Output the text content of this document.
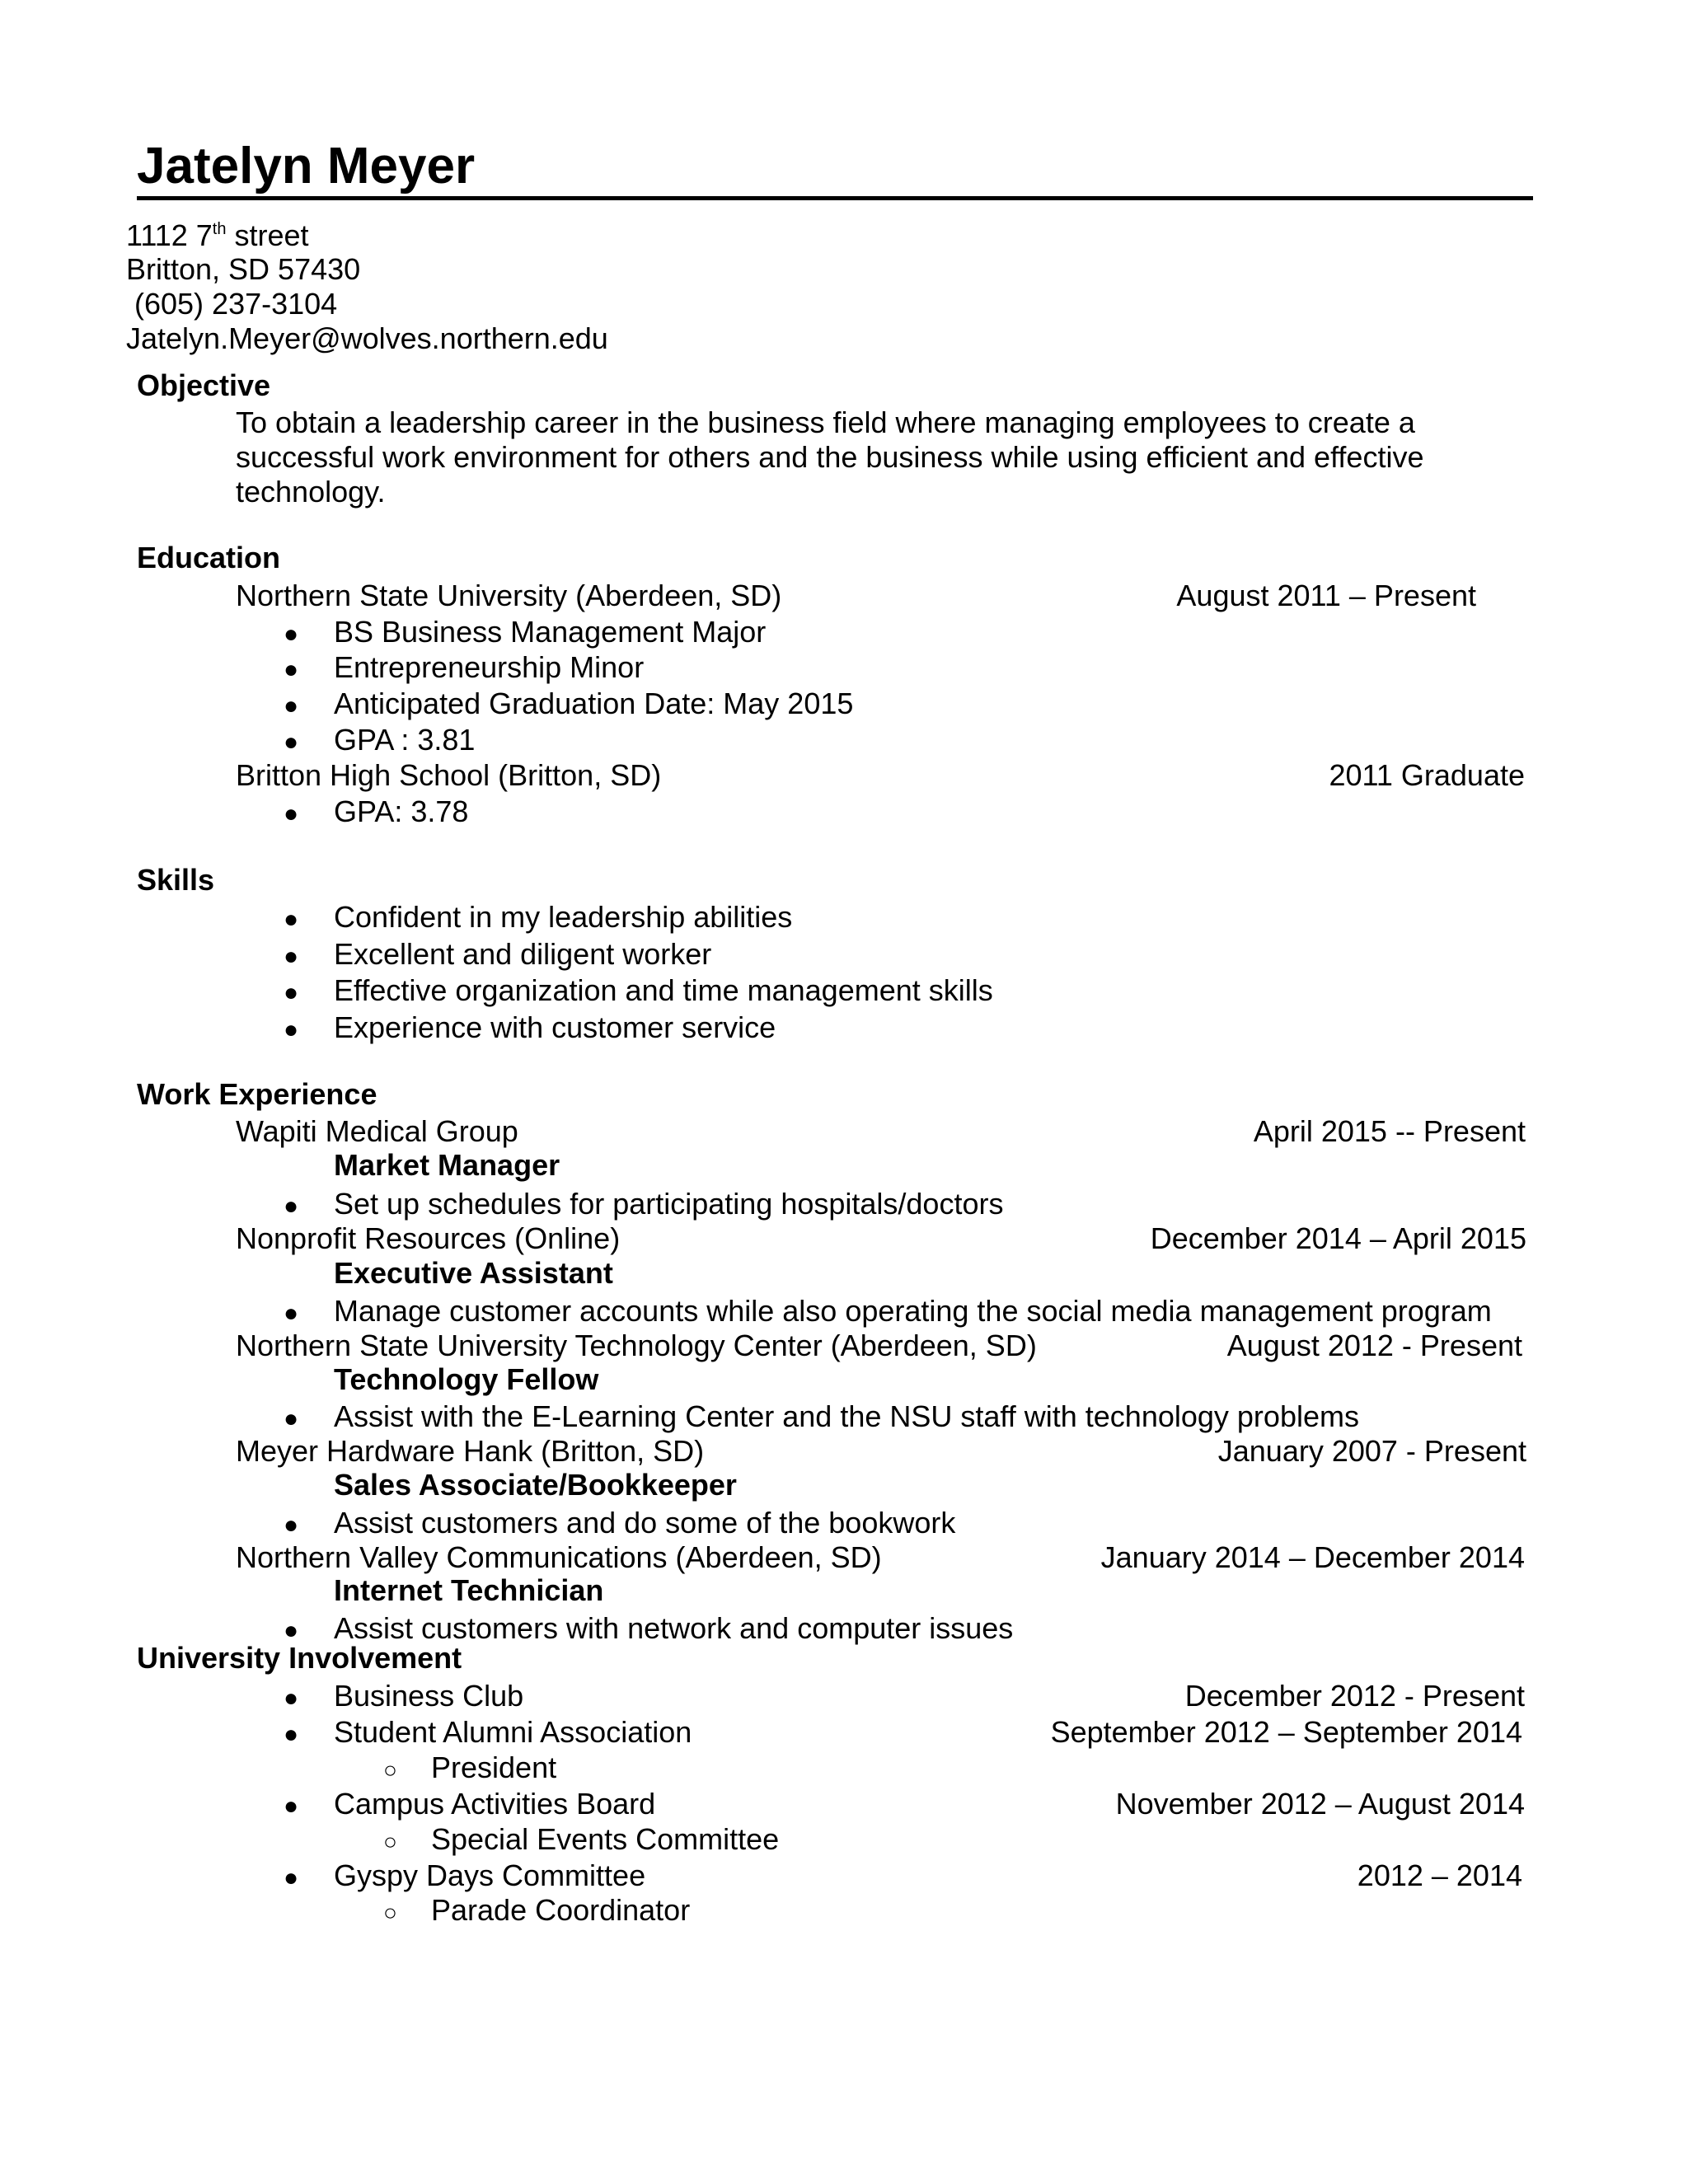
Jatelyn Meyer
1112 7th street
Britton, SD 57430
(605) 237-3104
Jatelyn.Meyer@wolves.northern.edu
Objective
To obtain a leadership career in the business field where managing employees to create a
successful work environment for others and the business while using efficient and effective
technology.
Education
Northern State University (Aberdeen, SD)	August 2011 – Present
● BS Business Management Major
● Entrepreneurship Minor
● Anticipated Graduation Date: May 2015
● GPA : 3.81
Britton High School (Britton, SD)	2011 Graduate
● GPA: 3.78
Skills
● Confident in my leadership abilities
● Excellent and diligent worker
● Effective organization and time management skills
● Experience with customer service
Work Experience
Wapiti Medical Group	April 2015 -- Present
Market Manager
● Set up schedules for participating hospitals/doctors
Nonprofit Resources (Online)	December 2014 – April 2015
Executive Assistant
● Manage customer accounts while also operating the social media management program
Northern State University Technology Center (Aberdeen, SD)	August 2012 - Present
Technology Fellow
● Assist with the E-Learning Center and the NSU staff with technology problems
Meyer Hardware Hank (Britton, SD)	January 2007 - Present
Sales Associate/Bookkeeper
● Assist customers and do some of the bookwork
Northern Valley Communications (Aberdeen, SD)	January 2014 – December 2014
Internet Technician
● Assist customers with network and computer issues
University Involvement
● Business Club	December 2012 - Present
● Student Alumni Association	September 2012 – September 2014
○ President
● Campus Activities Board	November 2012 – August 2014
○ Special Events Committee
● Gyspy Days Committee	2012 – 2014
○ Parade Coordinator
